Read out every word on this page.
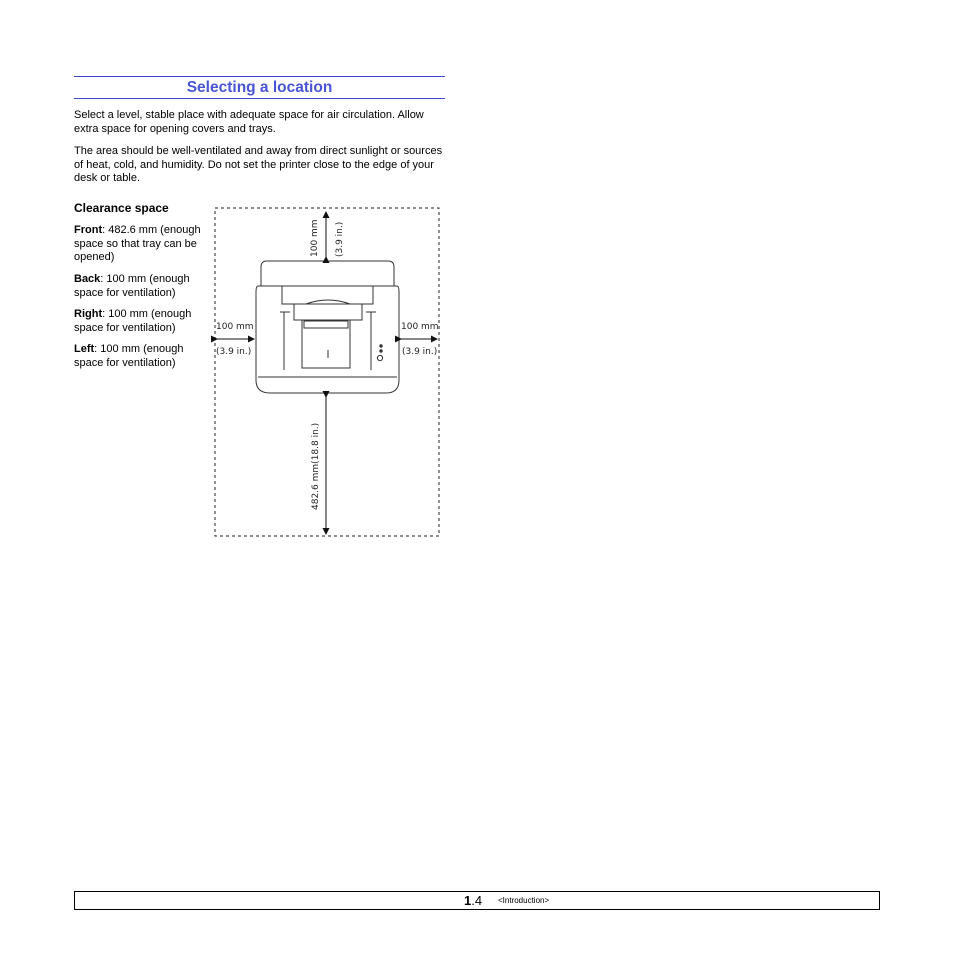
Selecting a location

Select a level, stable place with adequate space for air circulation. Allow extra space for opening covers and trays.

The area should be well-ventilated and away from direct sunlight or sources of heat, cold, and humidity. Do not set the printer close to the edge of your desk or table.

Clearance space

Front: 482.6 mm (enough space so that tray can be opened)

Back: 100 mm (enough space for ventilation)

Right: 100 mm (enough space for ventilation)

Left: 100 mm (enough space for ventilation)

100 mm (3.9 in.)
100 mm
(3.9 in.)
100 mm
(3.9 in.)
482.6 mm(18.8 in.)
1.4 <Introduction>
